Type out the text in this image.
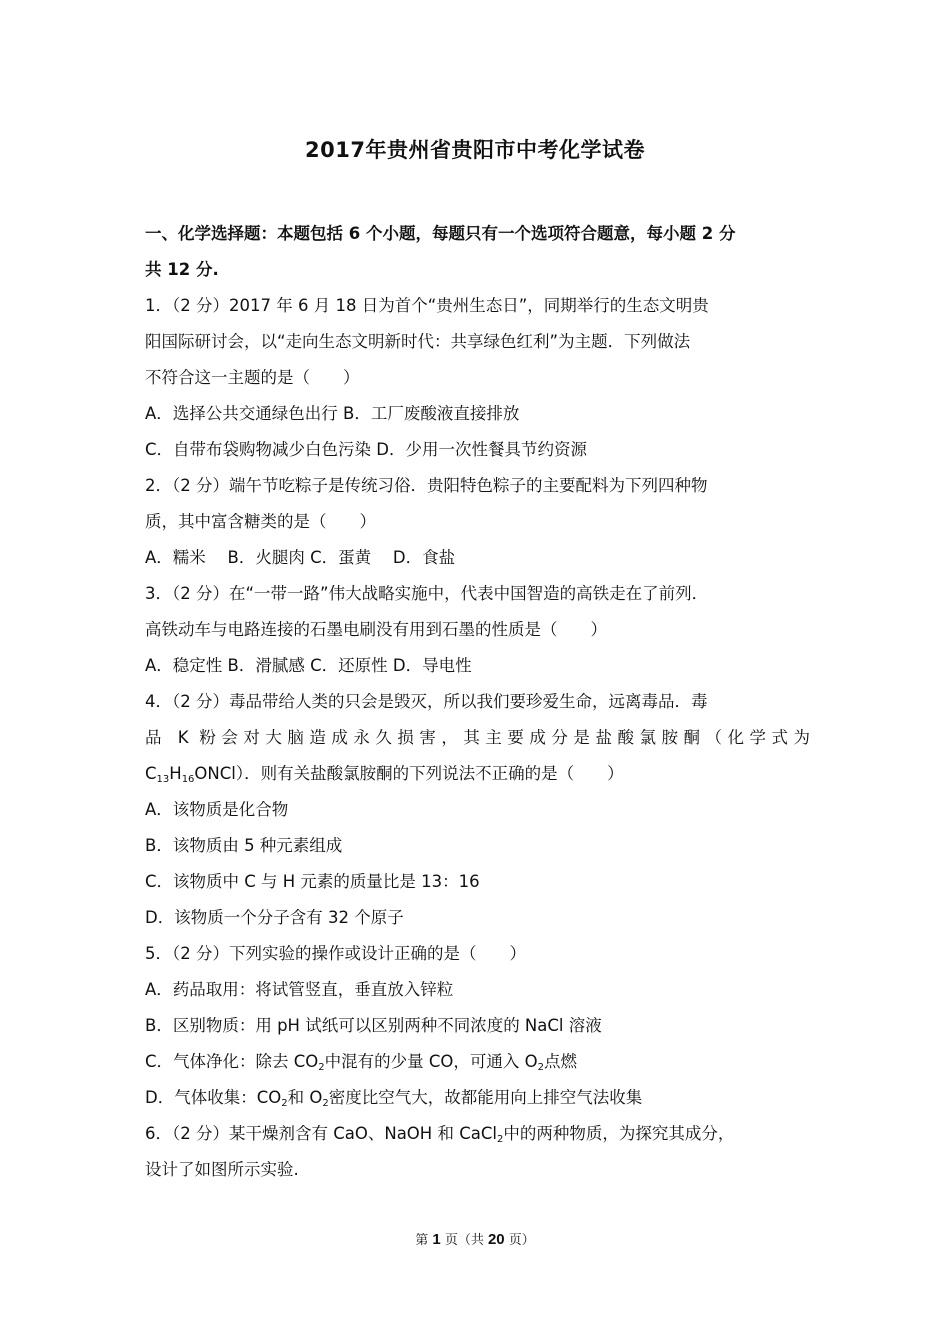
2017年贵州省贵阳市中考化学试卷
一、化学选择题：本题包括 6 个小题，每题只有一个选项符合题意，每小题 2 分
共 12 分.
1．（2 分）2017 年 6 月 18 日为首个“贵州生态日”，同期举行的生态文明贵
阳国际研讨会，以“走向生态文明新时代：共享绿色红利”为主题．下列做法
不符合这一主题的是（　　）
A．选择公共交通绿色出行 B．工厂废酸液直接排放
C．自带布袋购物减少白色污染 D．少用一次性餐具节约资源
2．（2 分）端午节吃粽子是传统习俗．贵阳特色粽子的主要配料为下列四种物
质，其中富含糖类的是（　　）
A．糯米　 B．火腿肉 C．蛋黄　 D．食盐
3．（2 分）在“一带一路”伟大战略实施中，代表中国智造的高铁走在了前列．
高铁动车与电路连接的石墨电刷没有用到石墨的性质是（　　）
A．稳定性 B．滑腻感 C．还原性 D．导电性
4．（2 分）毒品带给人类的只会是毁灭，所以我们要珍爱生命，远离毒品．毒
品 K 粉会对大脑造成永久损害，其主要成分是盐酸氯胺酮（化学式为
$C_{13}H_{16}ONCl$）．则有关盐酸氯胺酮的下列说法不正确的是（　　）
A．该物质是化合物
B．该物质由 5 种元素组成
C．该物质中 C 与 H 元素的质量比是 13：16
D．该物质一个分子含有 32 个原子
5．（2 分）下列实验的操作或设计正确的是（　　）
A．药品取用：将试管竖直，垂直放入锌粒
B．区别物质：用 pH 试纸可以区别两种不同浓度的 NaCl 溶液
C．气体净化：除去 $CO_2$中混有的少量 CO，可通入 $O_2$点燃
D．气体收集：$CO_2$和 $O_2$密度比空气大，故都能用向上排空气法收集
6．（2 分）某干燥剂含有 CaO、NaOH 和 CaCl$_2$中的两种物质，为探究其成分，
设计了如图所示实验.
第 1 页（共 20 页）
